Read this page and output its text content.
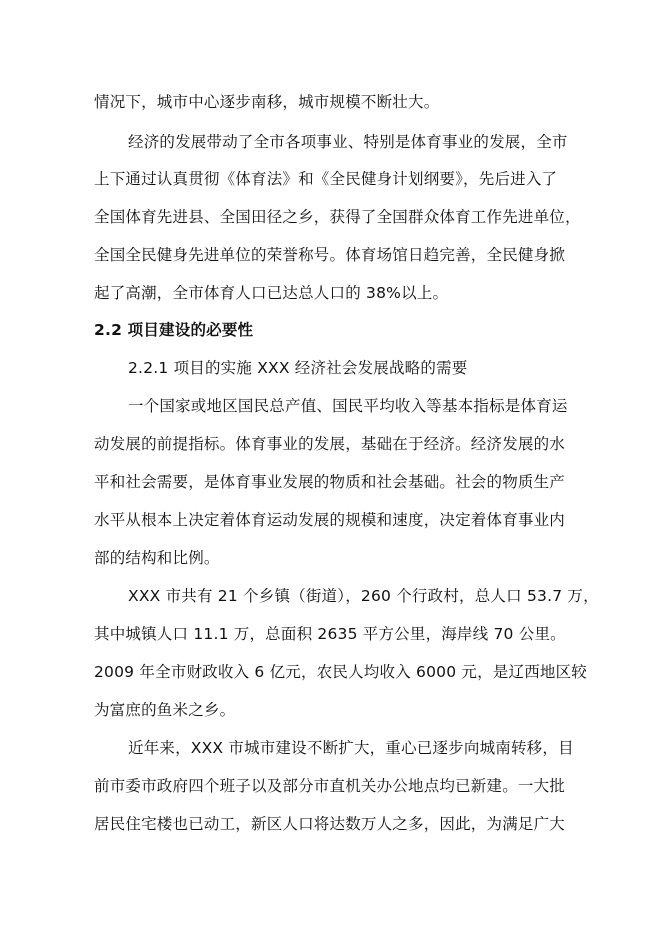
情况下，城市中心逐步南移，城市规模不断壮大。
经济的发展带动了全市各项事业、特别是体育事业的发展，全市
上下通过认真贯彻《体育法》和《全民健身计划纲要》，先后进入了
全国体育先进县、全国田径之乡，获得了全国群众体育工作先进单位，
全国全民健身先进单位的荣誉称号。体育场馆日趋完善，全民健身掀
起了高潮，全市体育人口已达总人口的 38%以上。
2.2 项目建设的必要性
2.2.1 项目的实施 XXX 经济社会发展战略的需要
一个国家或地区国民总产值、国民平均收入等基本指标是体育运
动发展的前提指标。体育事业的发展，基础在于经济。经济发展的水
平和社会需要，是体育事业发展的物质和社会基础。社会的物质生产
水平从根本上决定着体育运动发展的规模和速度，决定着体育事业内
部的结构和比例。
XXX 市共有 21 个乡镇（街道），260 个行政村，总人口 53.7 万，
其中城镇人口 11.1 万，总面积 2635 平方公里，海岸线 70 公里。
2009 年全市财政收入 6 亿元，农民人均收入 6000 元，是辽西地区较
为富庶的鱼米之乡。
近年来，XXX 市城市建设不断扩大，重心已逐步向城南转移，目
前市委市政府四个班子以及部分市直机关办公地点均已新建。一大批
居民住宅楼也已动工，新区人口将达数万人之多，因此，为满足广大
